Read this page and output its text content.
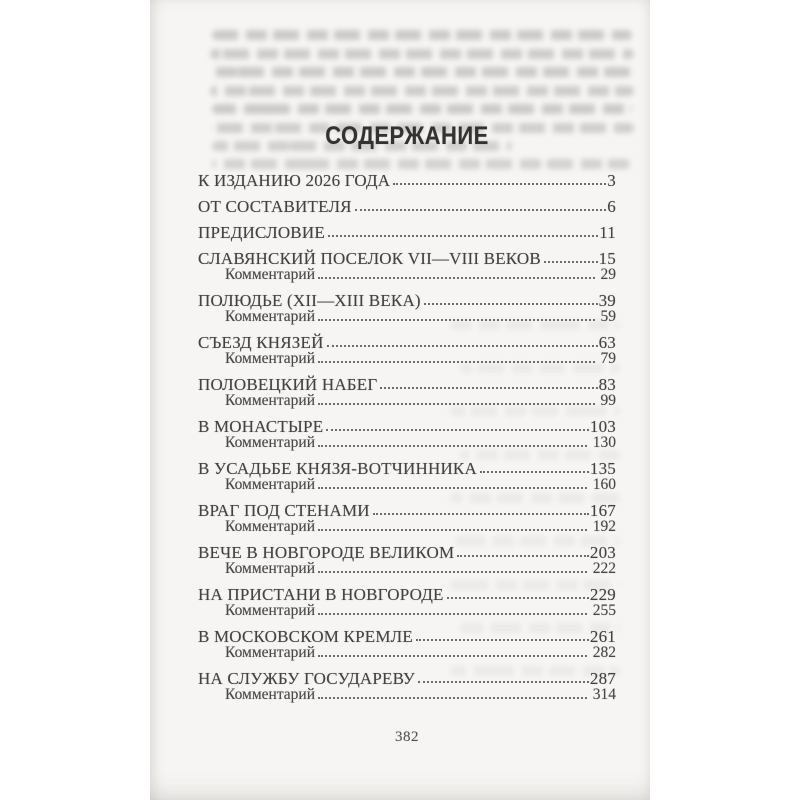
СОДЕРЖАНИЕ
К ИЗДАНИЮ 2026 ГОДА	3
ОТ СОСТАВИТЕЛЯ	6
ПРЕДИСЛОВИЕ	11
СЛАВЯНСКИЙ ПОСЕЛОК VII—VIII ВЕКОВ	15
Комментарий	29
ПОЛЮДЬЕ (XII—XIII ВЕКА)	39
Комментарий	59
СЪЕЗД КНЯЗЕЙ	63
Комментарий	79
ПОЛОВЕЦКИЙ НАБЕГ	83
Комментарий	99
В МОНАСТЫРЕ	103
Комментарий	130
В УСАДЬБЕ КНЯЗЯ-ВОТЧИННИКА	135
Комментарий	160
ВРАГ ПОД СТЕНАМИ	167
Комментарий	192
ВЕЧЕ В НОВГОРОДЕ ВЕЛИКОМ	203
Комментарий	222
НА ПРИСТАНИ В НОВГОРОДЕ	229
Комментарий	255
В МОСКОВСКОМ КРЕМЛЕ	261
Комментарий	282
НА СЛУЖБУ ГОСУДАРЕВУ	287
Комментарий	314
382
